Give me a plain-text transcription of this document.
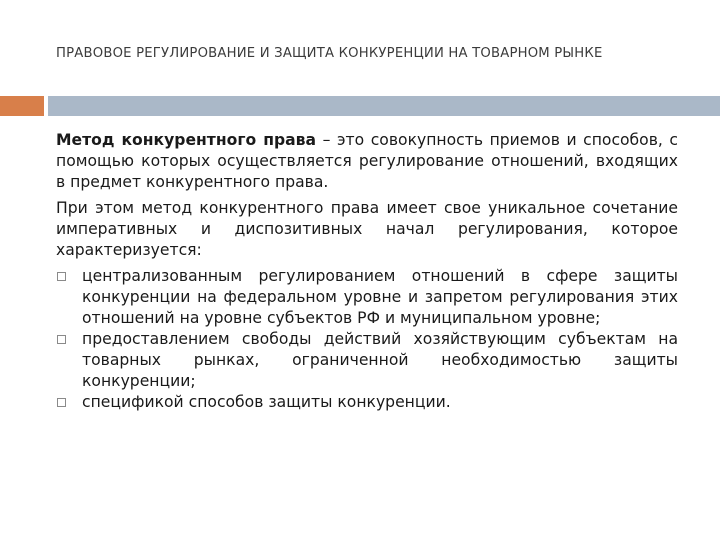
ПРАВОВОЕ РЕГУЛИРОВАНИЕ И ЗАЩИТА КОНКУРЕНЦИИ НА ТОВАРНОМ РЫНКЕ

Метод конкурентного права – это совокупность приемов и способов, с помощью которых осуществляется регулирование отношений, входящих в предмет конкурентного права.

При этом метод конкурентного права имеет свое уникальное сочетание императивных и диспозитивных начал регулирования, которое характеризуется:

централизованным регулированием отношений в сфере защиты конкуренции на федеральном уровне и запретом регулирования этих отношений на уровне субъектов РФ и муниципальном уровне;
предоставлением свободы действий хозяйствующим субъектам на товарных рынках, ограниченной необходимостью защиты конкуренции;
спецификой способов защиты конкуренции.
